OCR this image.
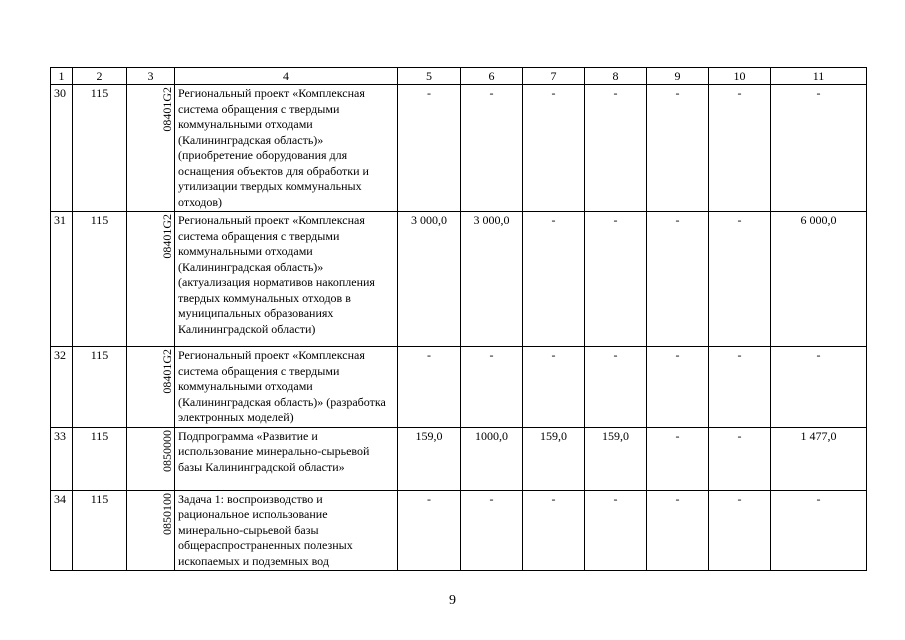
1	2	3	4	5	6	7	8	9	10	11
30	115	08401G2	Региональный проект «Комплексная система обращения с твердыми коммунальными отходами (Калининградская область)» (приобретение оборудования для оснащения объектов для обработки и утилизации твердых коммунальных отходов)	-	-	-	-	-	-	-
31	115	08401G2	Региональный проект «Комплексная система обращения с твердыми коммунальными отходами (Калининградская область)» (актуализация нормативов накопления твердых коммунальных отходов в муниципальных образованиях Калининградской области)	3 000,0	3 000,0	-	-	-	-	6 000,0
32	115	08401G2	Региональный проект «Комплексная система обращения с твердыми коммунальными отходами (Калининградская область)» (разработка электронных моделей)	-	-	-	-	-	-	-
33	115	0850000	Подпрограмма «Развитие и использование минерально-сырьевой базы Калининградской области»	159,0	1000,0	159,0	159,0	-	-	1 477,0
34	115	0850100	Задача 1: воспроизводство и рациональное использование минерально-сырьевой базы общераспространенных полезных ископаемых и подземных вод	-	-	-	-	-	-	-
9
